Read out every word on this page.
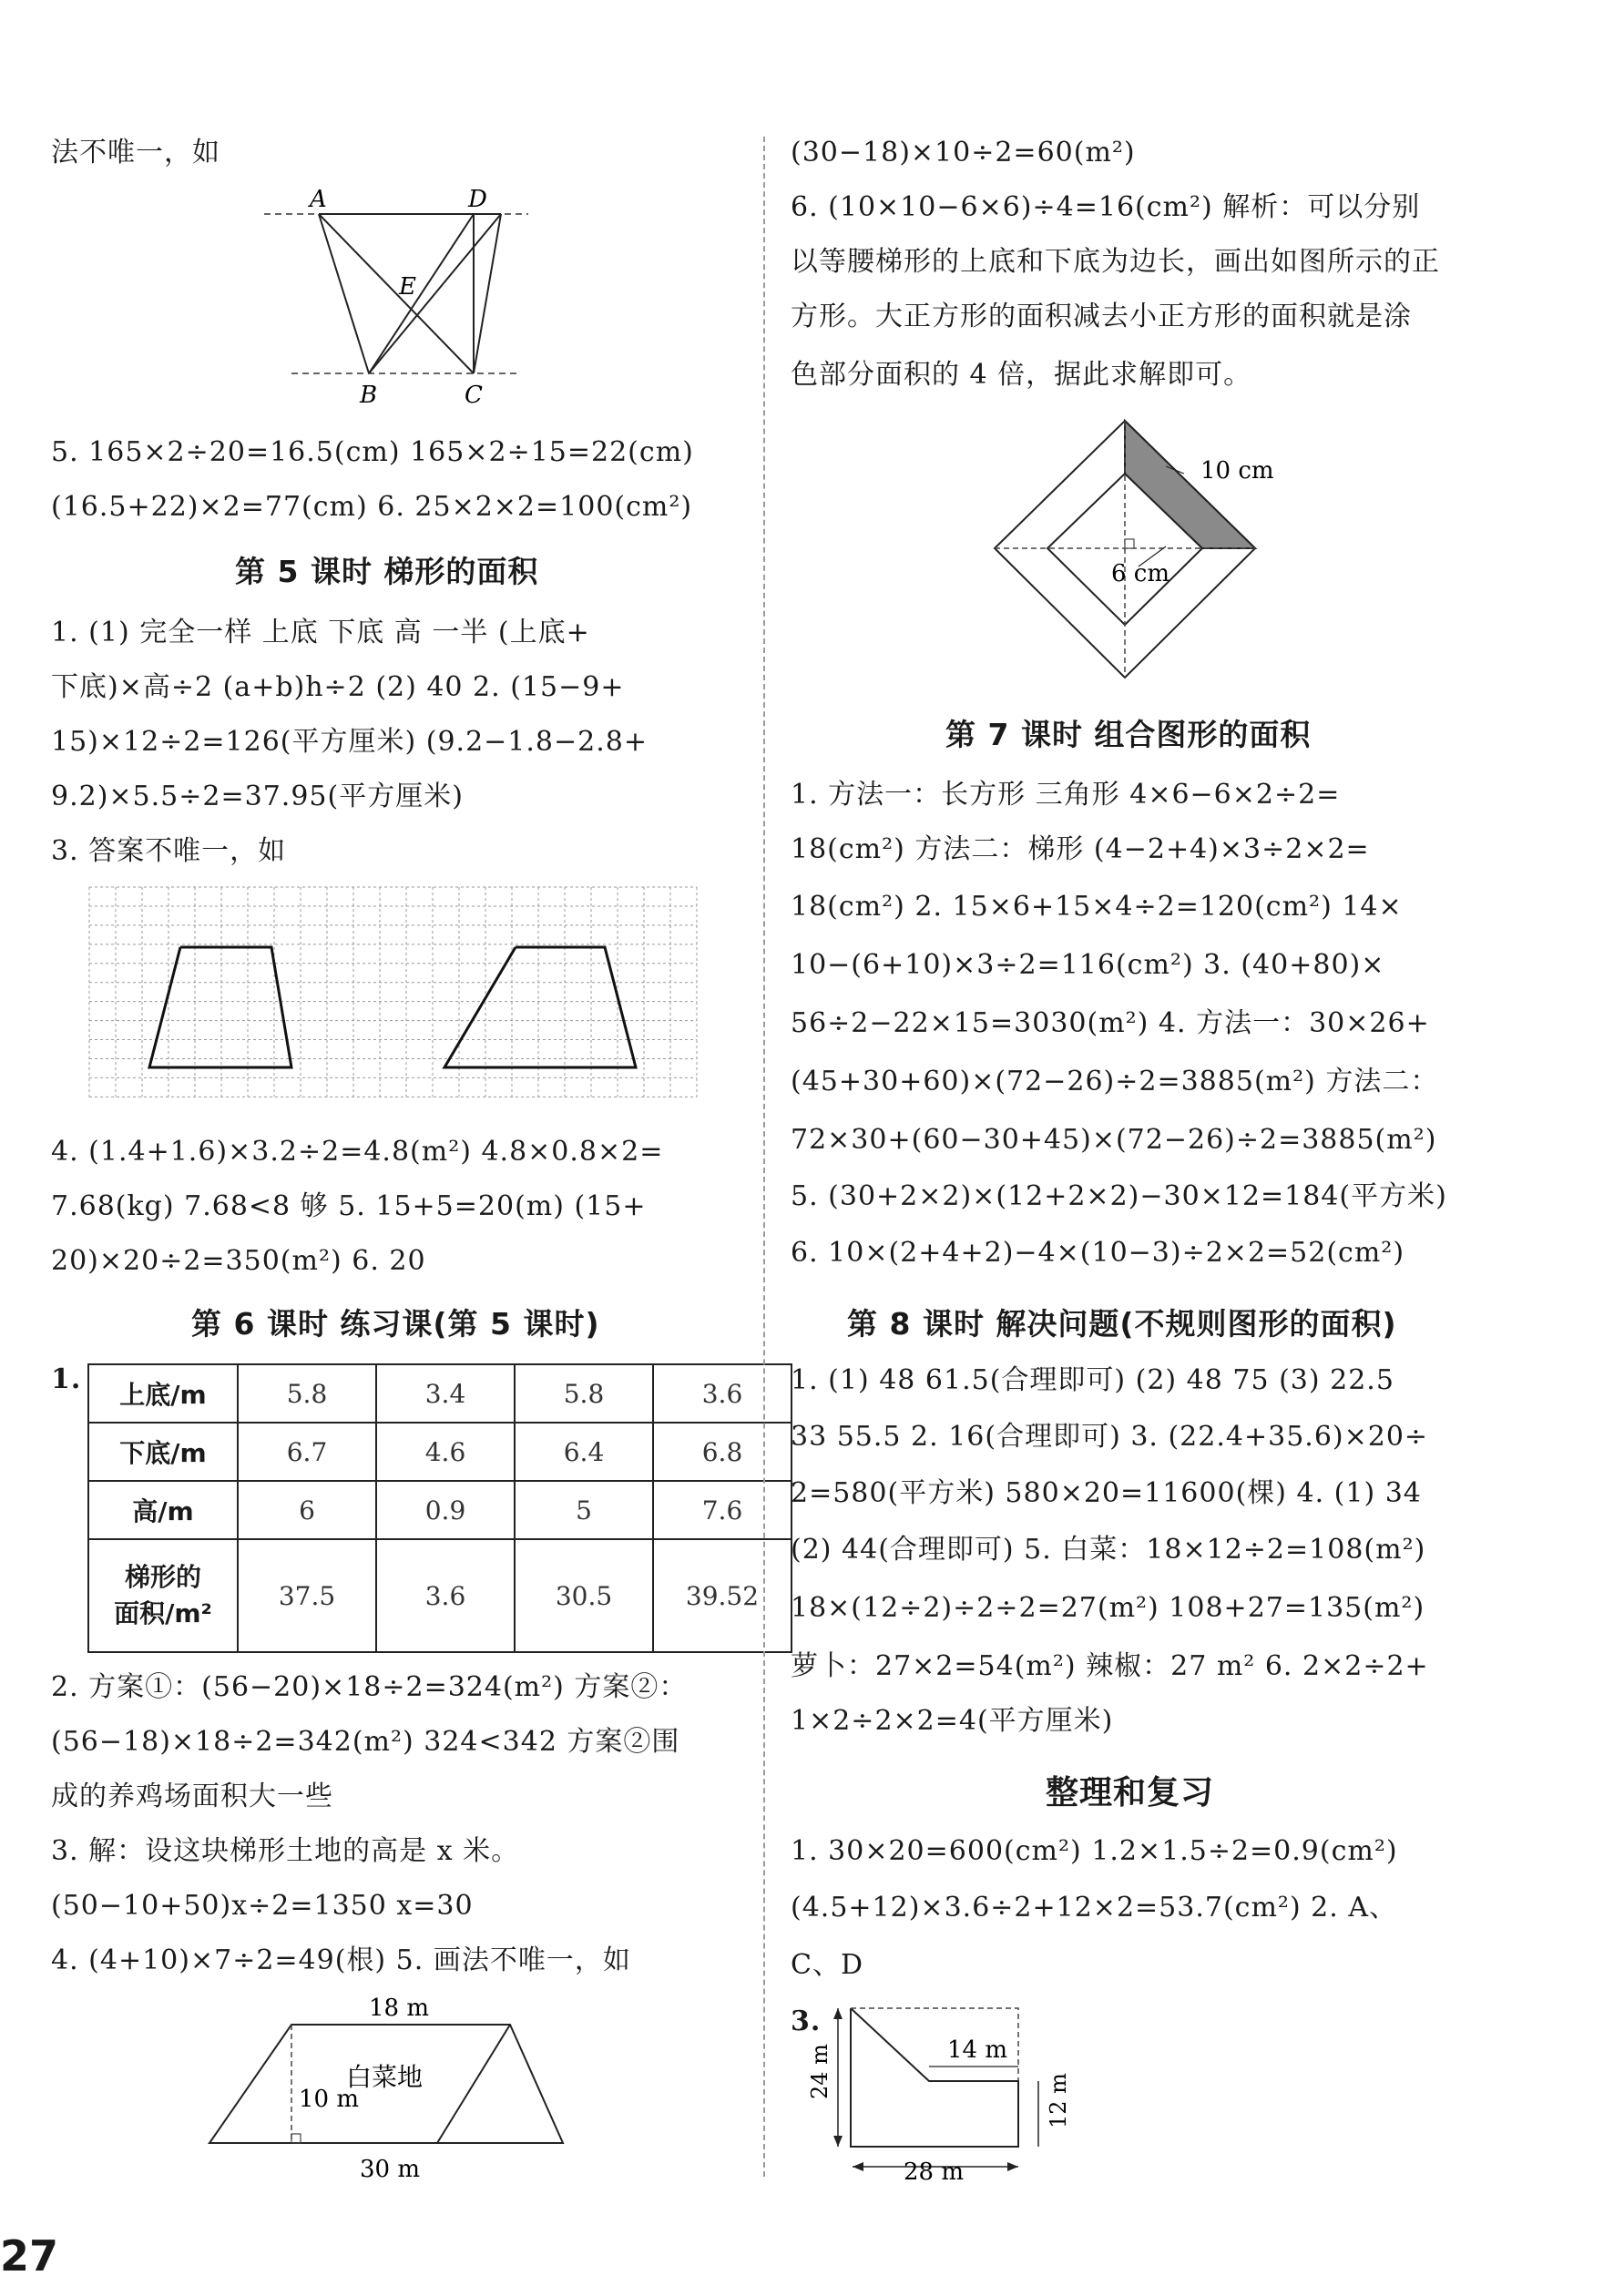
法不唯一，如
A	D
E
B	C
5. 165×2÷20=16.5(cm) 165×2÷15=22(cm)
(16.5+22)×2=77(cm) 6. 25×2×2=100(cm²)
第 5 课时 梯形的面积
1. (1) 完全一样 上底 下底 高 一半 (上底+
下底)×高÷2 (a+b)h÷2 (2) 40 2. (15−9+
15)×12÷2=126(平方厘米) (9.2−1.8−2.8+
9.2)×5.5÷2=37.95(平方厘米)
3. 答案不唯一，如
4. (1.4+1.6)×3.2÷2=4.8(m²) 4.8×0.8×2=
7.68(kg) 7.68<8 够 5. 15+5=20(m) (15+
20)×20÷2=350(m²) 6. 20
第 6 课时 练习课(第 5 课时)
1. 上底/m	5.8	3.4	5.8	3.6
下底/m	6.7	4.6	6.4	6.8
高/m	6	0.9	5	7.6
梯形的
面积/m²	37.5	3.6	30.5	39.52
2. 方案①：(56−20)×18÷2=324(m²) 方案②：
(56−18)×18÷2=342(m²) 324<342 方案②围
成的养鸡场面积大一些
3. 解：设这块梯形土地的高是 x 米。
(50−10+50)x÷2=1350 x=30
4. (4+10)×7÷2=49(根) 5. 画法不唯一，如
18 m
白菜地
10 m
30 m
27
(30−18)×10÷2=60(m²)
6. (10×10−6×6)÷4=16(cm²) 解析：可以分别
以等腰梯形的上底和下底为边长，画出如图所示的正
方形。大正方形的面积减去小正方形的面积就是涂
色部分面积的 4 倍，据此求解即可。
10 cm
6 cm
第 7 课时 组合图形的面积
1. 方法一：长方形 三角形 4×6−6×2÷2=
18(cm²) 方法二：梯形 (4−2+4)×3÷2×2=
18(cm²) 2. 15×6+15×4÷2=120(cm²) 14×
10−(6+10)×3÷2=116(cm²) 3. (40+80)×
56÷2−22×15=3030(m²) 4. 方法一：30×26+
(45+30+60)×(72−26)÷2=3885(m²) 方法二：
72×30+(60−30+45)×(72−26)÷2=3885(m²)
5. (30+2×2)×(12+2×2)−30×12=184(平方米)
6. 10×(2+4+2)−4×(10−3)÷2×2=52(cm²)
第 8 课时 解决问题(不规则图形的面积)
1. (1) 48 61.5(合理即可) (2) 48 75 (3) 22.5
33 55.5 2. 16(合理即可) 3. (22.4+35.6)×20÷
2=580(平方米) 580×20=11600(棵) 4. (1) 34
(2) 44(合理即可) 5. 白菜：18×12÷2=108(m²)
18×(12÷2)÷2÷2=27(m²) 108+27=135(m²)
萝卜：27×2=54(m²) 辣椒：27 m² 6. 2×2÷2+
1×2÷2×2=4(平方厘米)
整理和复习
1. 30×20=600(cm²) 1.2×1.5÷2=0.9(cm²)
(4.5+12)×3.6÷2+12×2=53.7(cm²) 2. A、
C、D
3.
14 m
24 m
12 m
28 m
